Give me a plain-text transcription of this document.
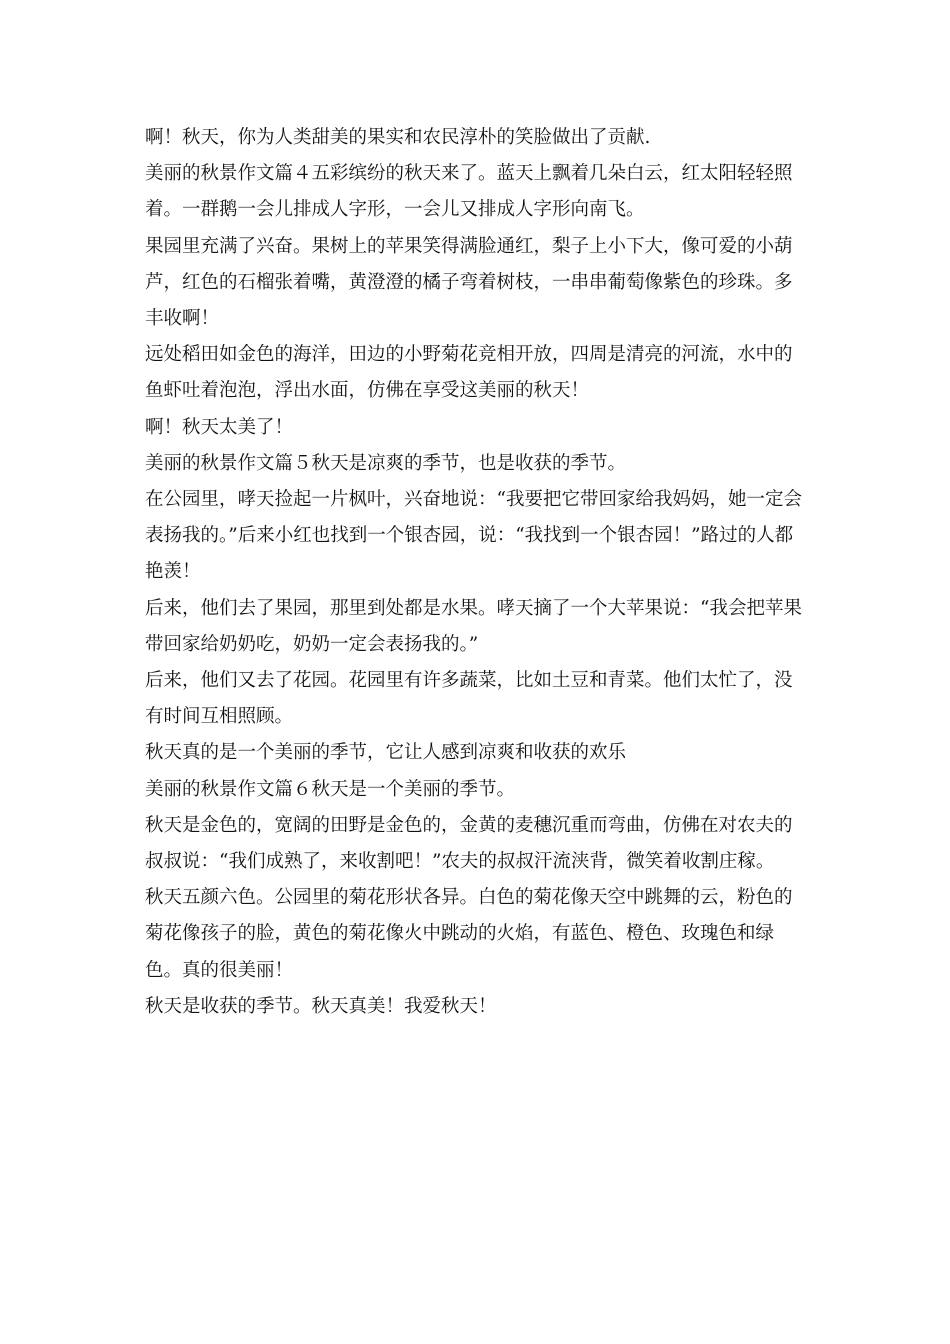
啊！秋天，你为人类甜美的果实和农民淳朴的笑脸做出了贡献.

美丽的秋景作文篇４五彩缤纷的秋天来了。蓝天上飘着几朵白云，红太阳轻轻照着。一群鹅一会儿排成人字形，一会儿又排成人字形向南飞。

果园里充满了兴奋。果树上的苹果笑得满脸通红，梨子上小下大，像可爱的小葫芦，红色的石榴张着嘴，黄澄澄的橘子弯着树枝，一串串葡萄像紫色的珍珠。多丰收啊！

远处稻田如金色的海洋，田边的小野菊花竞相开放，四周是清亮的河流，水中的鱼虾吐着泡泡，浮出水面，仿佛在享受这美丽的秋天！

啊！秋天太美了！

美丽的秋景作文篇５秋天是凉爽的季节，也是收获的季节。

在公园里，哮天捡起一片枫叶，兴奋地说：“我要把它带回家给我妈妈，她一定会表扬我的。”后来小红也找到一个银杏园，说：“我找到一个银杏园！”路过的人都艳羡！

后来，他们去了果园，那里到处都是水果。哮天摘了一个大苹果说：“我会把苹果带回家给奶奶吃，奶奶一定会表扬我的。”

后来，他们又去了花园。花园里有许多蔬菜，比如土豆和青菜。他们太忙了，没有时间互相照顾。

秋天真的是一个美丽的季节，它让人感到凉爽和收获的欢乐

美丽的秋景作文篇６秋天是一个美丽的季节。

秋天是金色的，宽阔的田野是金色的，金黄的麦穗沉重而弯曲，仿佛在对农夫的叔叔说：“我们成熟了，来收割吧！”农夫的叔叔汗流浃背，微笑着收割庄稼。

秋天五颜六色。公园里的菊花形状各异。白色的菊花像天空中跳舞的云，粉色的菊花像孩子的脸，黄色的菊花像火中跳动的火焰，有蓝色、橙色、玫瑰色和绿色。真的很美丽！

秋天是收获的季节。秋天真美！我爱秋天！
